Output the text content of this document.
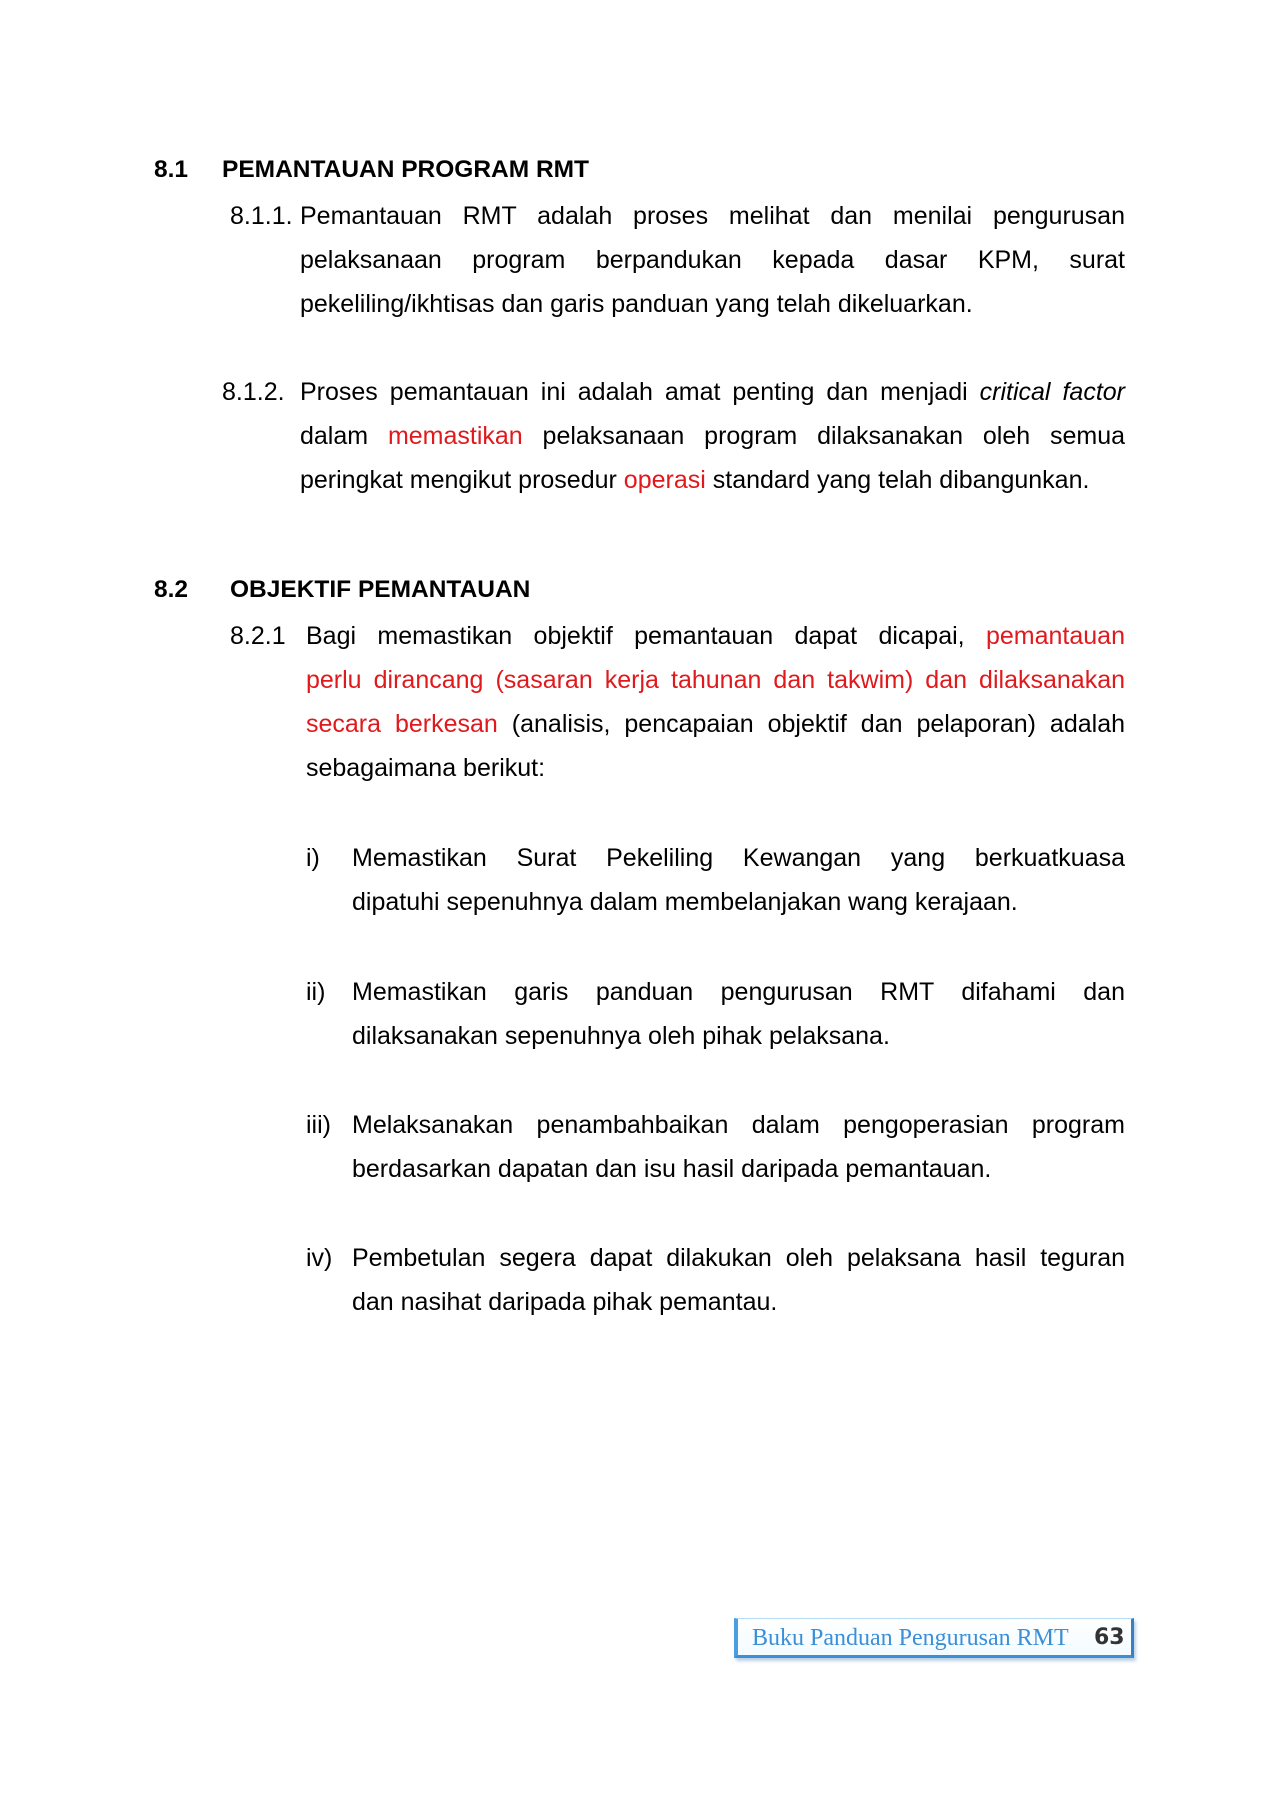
8.1 PEMANTAUAN PROGRAM RMT
8.1.1. Pemantauan RMT adalah proses melihat dan menilai pengurusan
pelaksanaan program berpandukan kepada dasar KPM, surat
pekeliling/ikhtisas dan garis panduan yang telah dikeluarkan.
8.1.2. Proses pemantauan ini adalah amat penting dan menjadi critical factor
dalam memastikan pelaksanaan program dilaksanakan oleh semua
peringkat mengikut prosedur operasi standard yang telah dibangunkan.
8.2 OBJEKTIF PEMANTAUAN
8.2.1 Bagi memastikan objektif pemantauan dapat dicapai, pemantauan
perlu dirancang (sasaran kerja tahunan dan takwim) dan dilaksanakan
secara berkesan (analisis, pencapaian objektif dan pelaporan) adalah
sebagaimana berikut:
i) Memastikan Surat Pekeliling Kewangan yang berkuatkuasa
dipatuhi sepenuhnya dalam membelanjakan wang kerajaan.
ii) Memastikan garis panduan pengurusan RMT difahami dan
dilaksanakan sepenuhnya oleh pihak pelaksana.
iii) Melaksanakan penambahbaikan dalam pengoperasian program
berdasarkan dapatan dan isu hasil daripada pemantauan.
iv) Pembetulan segera dapat dilakukan oleh pelaksana hasil teguran
dan nasihat daripada pihak pemantau.
Buku Panduan Pengurusan RMT 63
